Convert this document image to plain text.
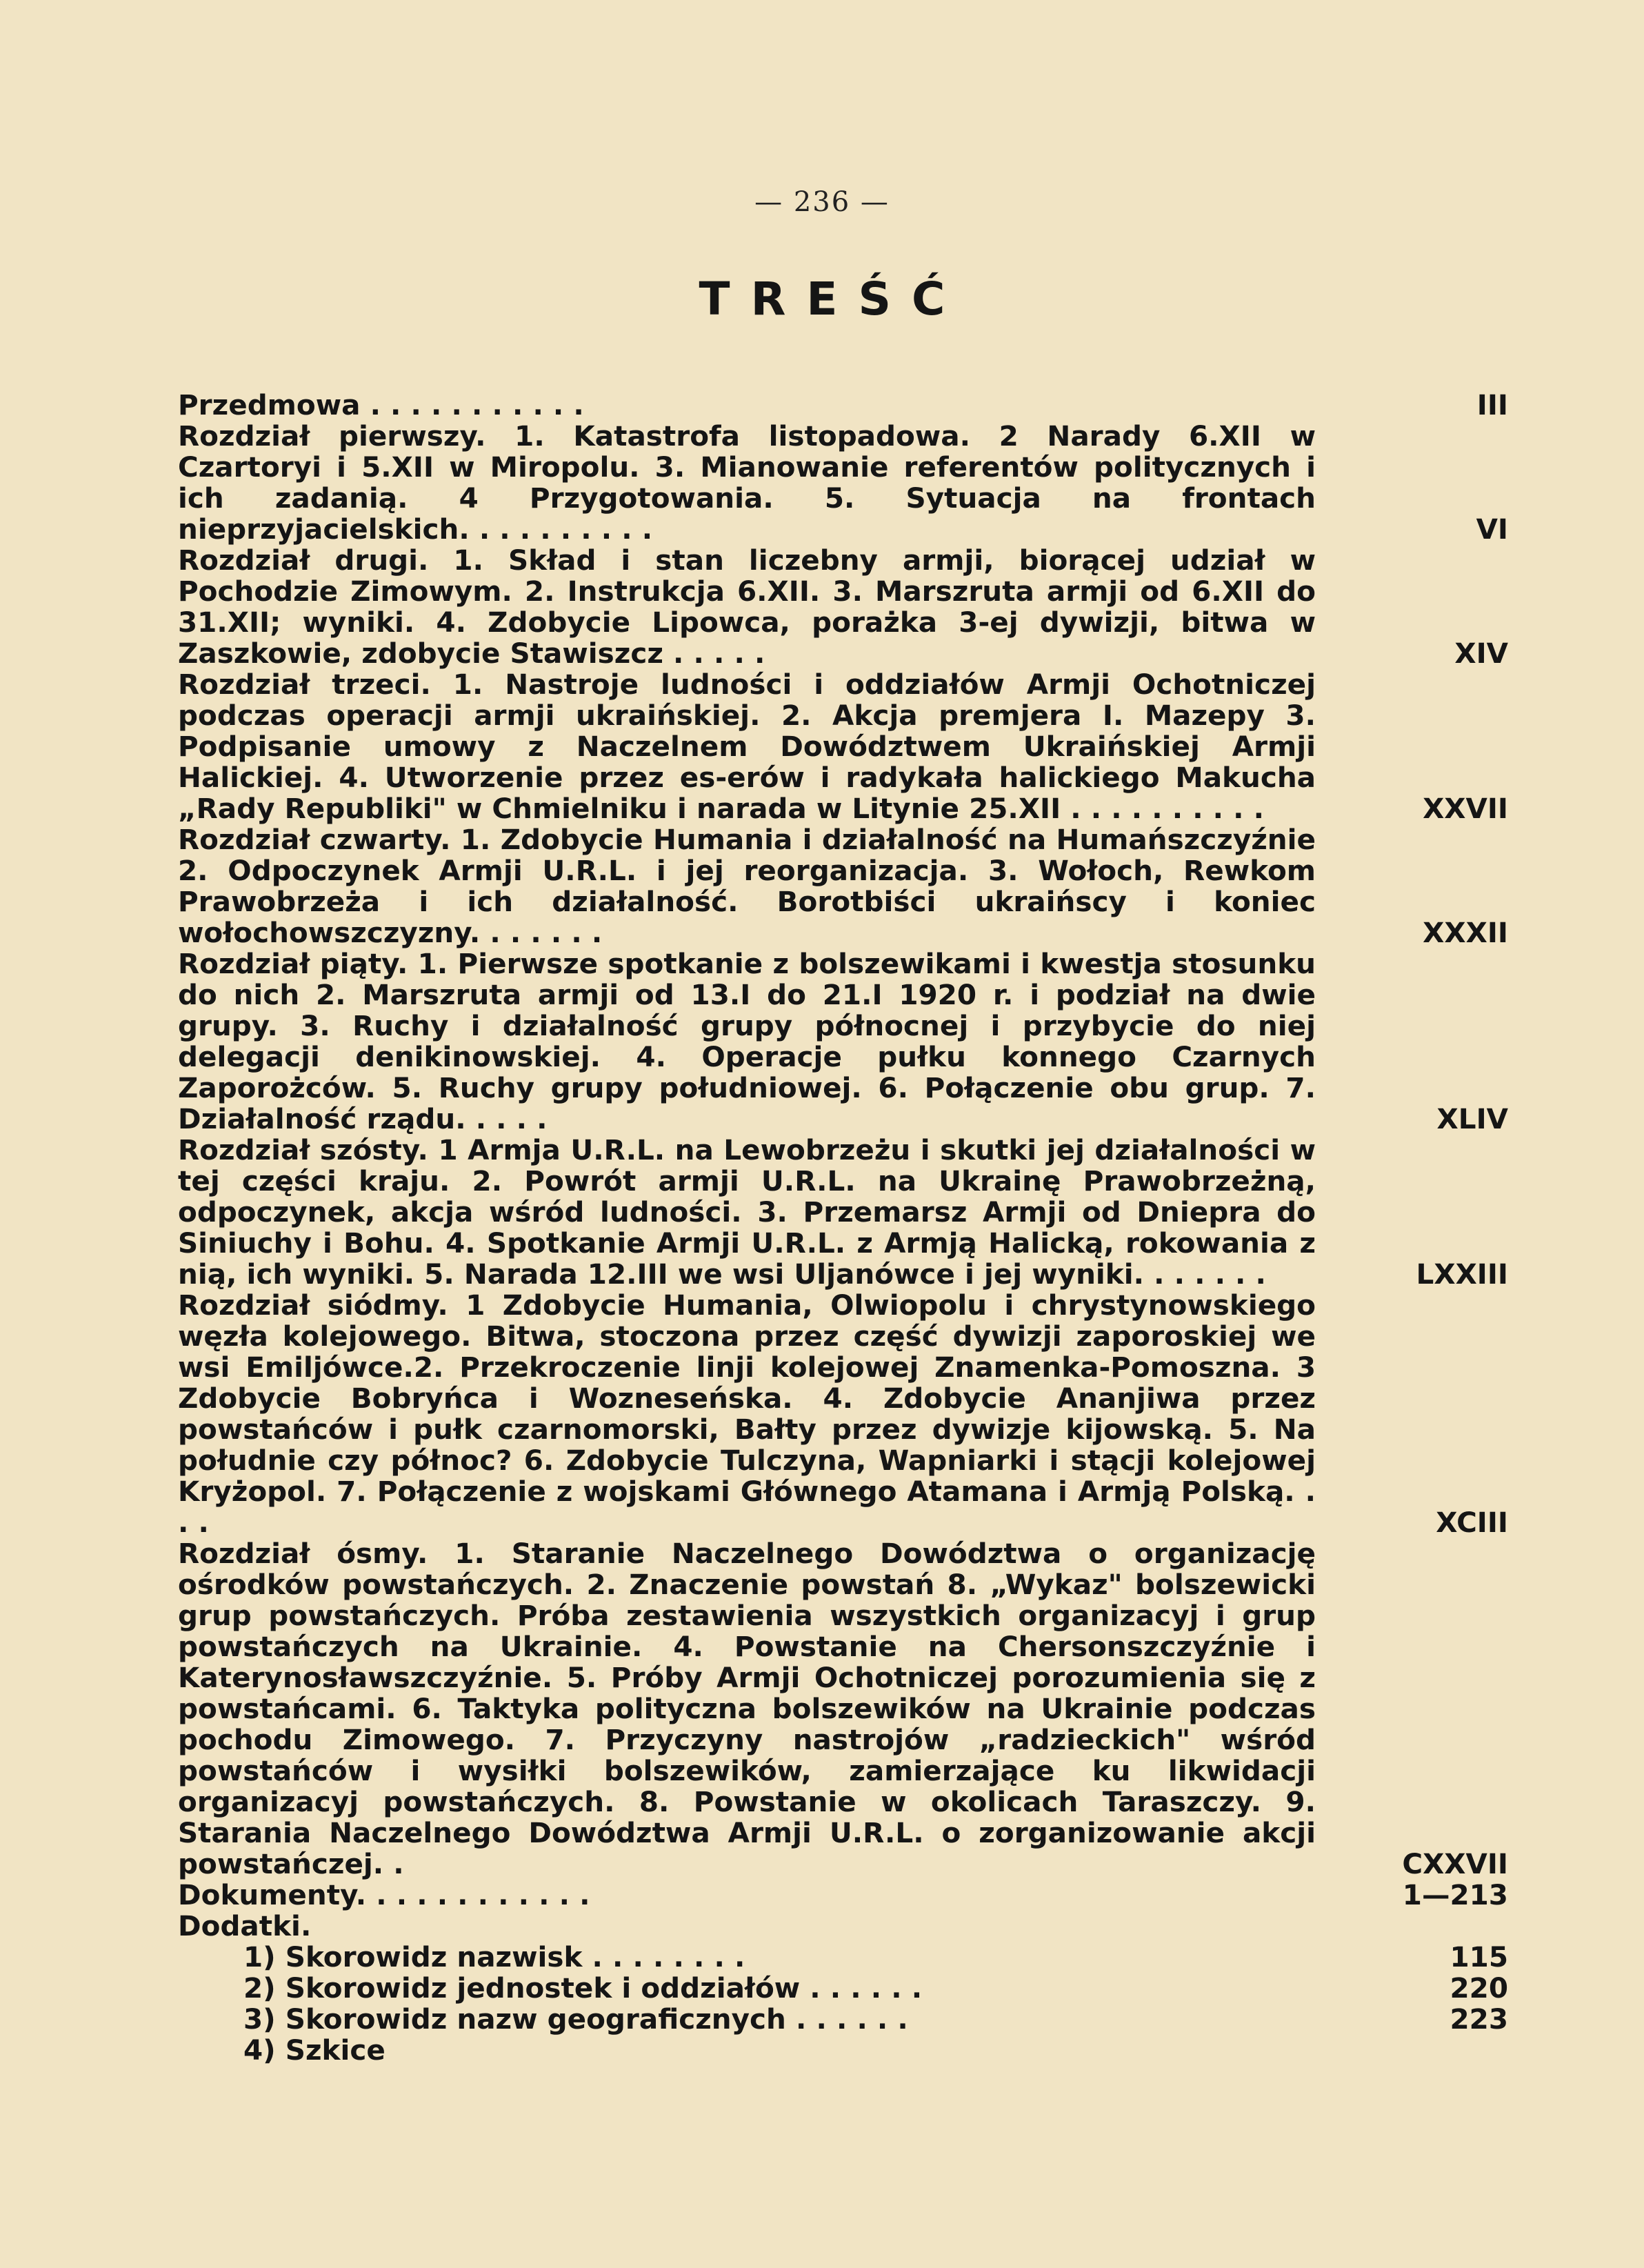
— 236 —
TREŚĆ
Przedmowa . . . . . . . . . . .	III
Rozdział pierwszy. 1. Katastrofa listopadowa. 2 Narady 6.XII w Czartoryi i 5.XII w Miropolu. 3. Mianowanie referentów politycznych i ich zadanią. 4 Przygotowania. 5. Sytuacja na frontach nieprzyjacielskich. . . . . . . . . .	VI
Rozdział drugi. 1. Skład i stan liczebny armji, biorącej udział w Pochodzie Zimowym. 2. Instrukcja 6.XII. 3. Marszruta armji od 6.XII do 31.XII; wyniki. 4. Zdobycie Lipowca, porażka 3-ej dywizji, bitwa w Zaszkowie, zdobycie Stawiszcz . . . . .	XIV
Rozdział trzeci. 1. Nastroje ludności i oddziałów Armji Ochotniczej podczas operacji armji ukraińskiej. 2. Akcja premjera I. Mazepy 3. Podpisanie umowy z Naczelnem Dowództwem Ukraińskiej Armji Halickiej. 4. Utworzenie przez es-erów i radykała halickiego Makucha „Rady Republiki" w Chmielniku i narada w Litynie 25.XII . . . . . . . . . .	XXVII
Rozdział czwarty. 1. Zdobycie Humania i działalność na Humańszczyźnie 2. Odpoczynek Armji U.R.L. i jej reorganizacja. 3. Wołoch, Rewkom Prawobrzeża i ich działalność. Borotbiści ukraińscy i koniec wołochowszczyzny. . . . . . .	XXXII
Rozdział piąty. 1. Pierwsze spotkanie z bolszewikami i kwestja stosunku do nich 2. Marszruta armji od 13.I do 21.I 1920 r. i podział na dwie grupy. 3. Ruchy i działalność grupy północnej i przybycie do niej delegacji denikinowskiej. 4. Operacje pułku konnego Czarnych Zaporożców. 5. Ruchy grupy południowej. 6. Połączenie obu grup. 7. Działalność rządu. . . . .	XLIV
Rozdział szósty. 1 Armja U.R.L. na Lewobrzeżu i skutki jej działalności w tej części kraju. 2. Powrót armji U.R.L. na Ukrainę Prawobrzeżną, odpoczynek, akcja wśród ludności. 3. Przemarsz Armji od Dniepra do Siniuchy i Bohu. 4. Spotkanie Armji U.R.L. z Armją Halicką, rokowania z nią, ich wyniki. 5. Narada 12.III we wsi Uljanówce i jej wyniki. . . . . . .	LXXIII
Rozdział siódmy. 1 Zdobycie Humania, Olwiopolu i chrystynowskiego węzła kolejowego. Bitwa, stoczona przez część dywizji zaporoskiej we wsi Emiljówce.2. Przekroczenie linji kolejowej Znamenka-Pomoszna. 3 Zdobycie Bobryńca i Wozneseńska. 4. Zdobycie Ananjiwa przez powstańców i pułk czarnomorski, Bałty przez dywizje kijowską. 5. Na południe czy północ? 6. Zdobycie Tulczyna, Wapniarki i stącji kolejowej Kryżopol. 7. Połączenie z wojskami Głównego Atamana i Armją Polską. . . .	XCIII
Rozdział ósmy. 1. Staranie Naczelnego Dowództwa o organizację ośrodków powstańczych. 2. Znaczenie powstań 8. „Wykaz" bolszewicki grup powstańczych. Próba zestawienia wszystkich organizacyj i grup powstańczych na Ukrainie. 4. Powstanie na Chersonszczyźnie i Katerynosławszczyźnie. 5. Próby Armji Ochotniczej porozumienia się z powstańcami. 6. Taktyka polityczna bolszewików na Ukrainie podczas pochodu Zimowego. 7. Przyczyny nastrojów „radzieckich" wśród powstańców i wysiłki bolszewików, zamierzające ku likwidacji organizacyj powstańczych. 8. Powstanie w okolicach Taraszczy. 9. Starania Naczelnego Dowództwa Armji U.R.L. o zorganizowanie akcji powstańczej. .	CXXVII
Dokumenty. . . . . . . . . . . .	1—213
Dodatki.
1) Skorowidz nazwisk . . . . . . . .	115
2) Skorowidz jednostek i oddziałów . . . . . .	220
3) Skorowidz nazw geograficznych . . . . . .	223
4) Szkice
